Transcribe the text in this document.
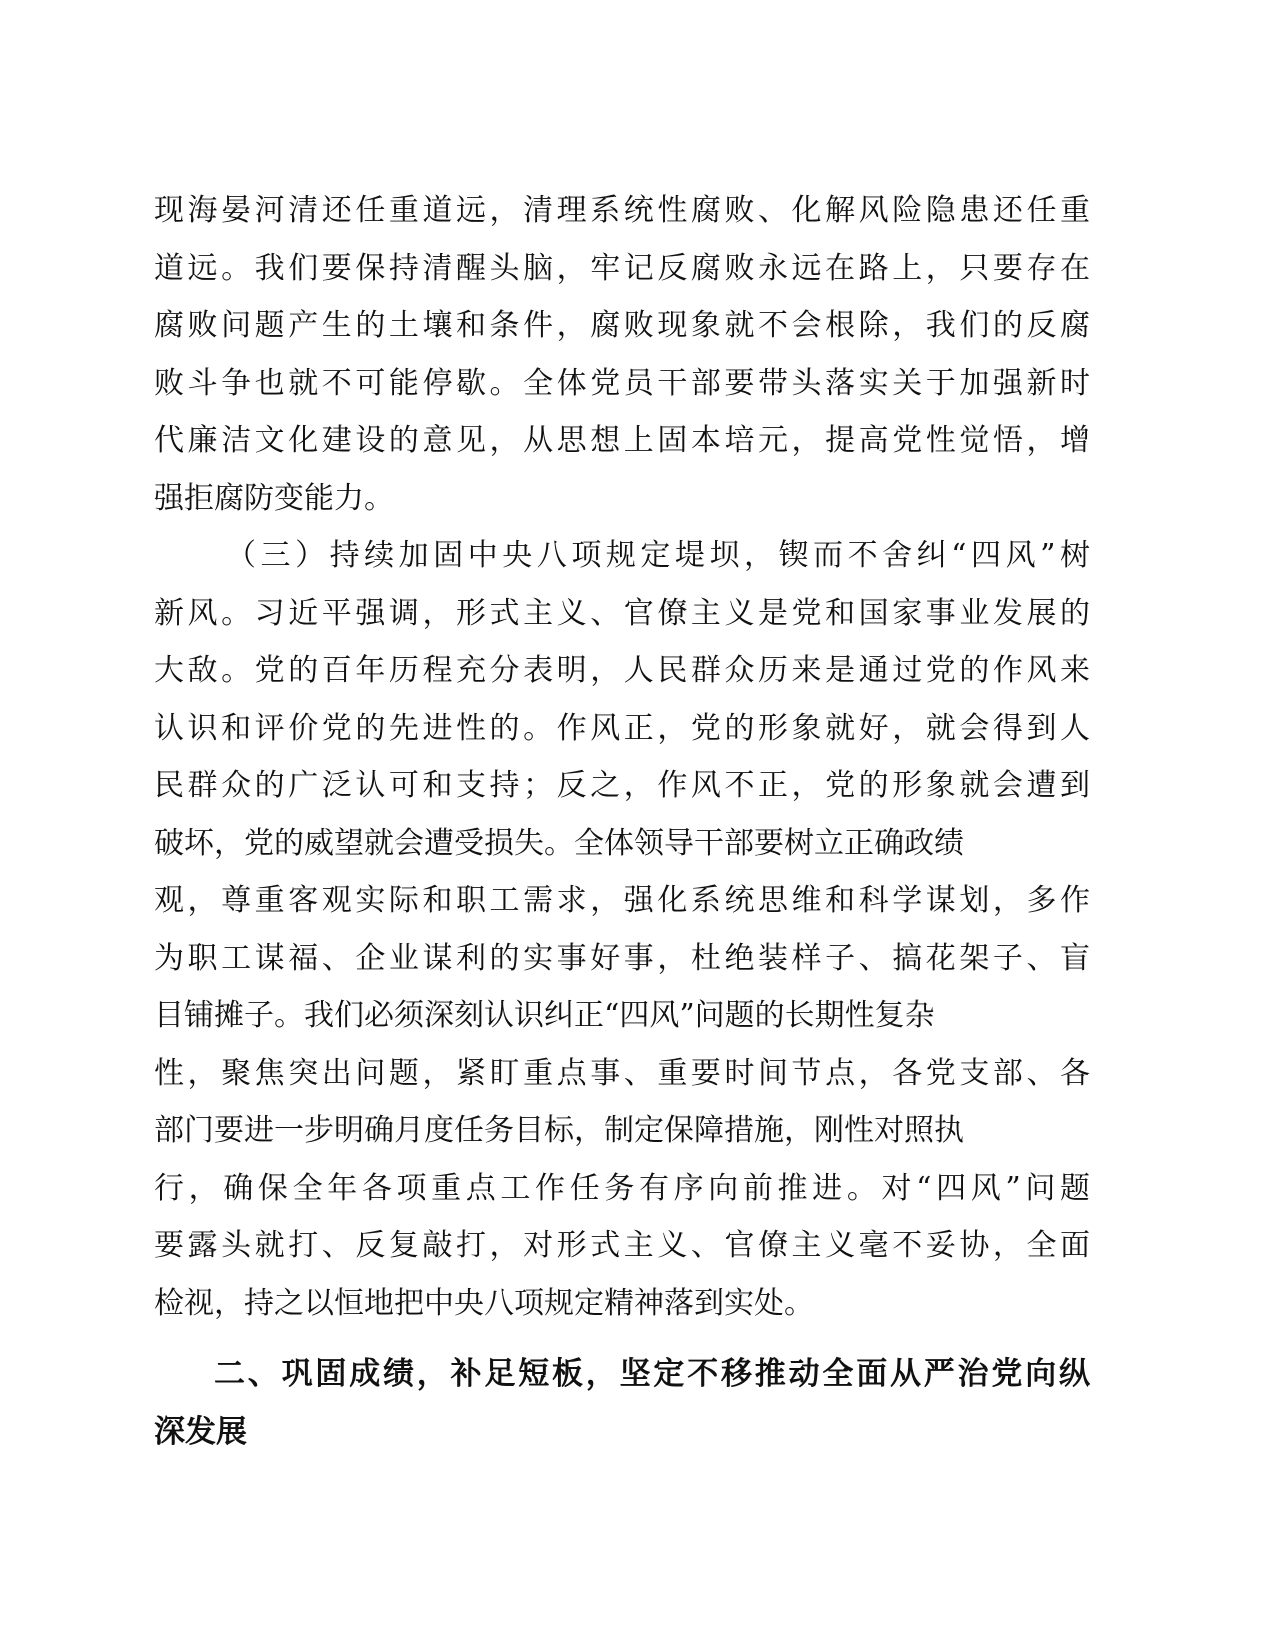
现海晏河清还任重道远，清理系统性腐败、化解风险隐患还任重
道远。我们要保持清醒头脑，牢记反腐败永远在路上，只要存在
腐败问题产生的土壤和条件，腐败现象就不会根除，我们的反腐
败斗争也就不可能停歇。全体党员干部要带头落实关于加强新时
代廉洁文化建设的意见，从思想上固本培元，提高党性觉悟，增
强拒腐防变能力。
（三）持续加固中央八项规定堤坝，锲而不舍纠“四风”树
新风。习近平强调，形式主义、官僚主义是党和国家事业发展的
大敌。党的百年历程充分表明，人民群众历来是通过党的作风来
认识和评价党的先进性的。作风正，党的形象就好，就会得到人
民群众的广泛认可和支持；反之，作风不正，党的形象就会遭到
破坏，党的威望就会遭受损失。全体领导干部要树立正确政绩
观，尊重客观实际和职工需求，强化系统思维和科学谋划，多作
为职工谋福、企业谋利的实事好事，杜绝装样子、搞花架子、盲
目铺摊子。我们必须深刻认识纠正“四风”问题的长期性复杂
性，聚焦突出问题，紧盯重点事、重要时间节点，各党支部、各
部门要进一步明确月度任务目标，制定保障措施，刚性对照执
行，确保全年各项重点工作任务有序向前推进。对“四风”问题
要露头就打、反复敲打，对形式主义、官僚主义毫不妥协，全面
检视，持之以恒地把中央八项规定精神落到实处。
二、巩固成绩，补足短板，坚定不移推动全面从严治党向纵
深发展
